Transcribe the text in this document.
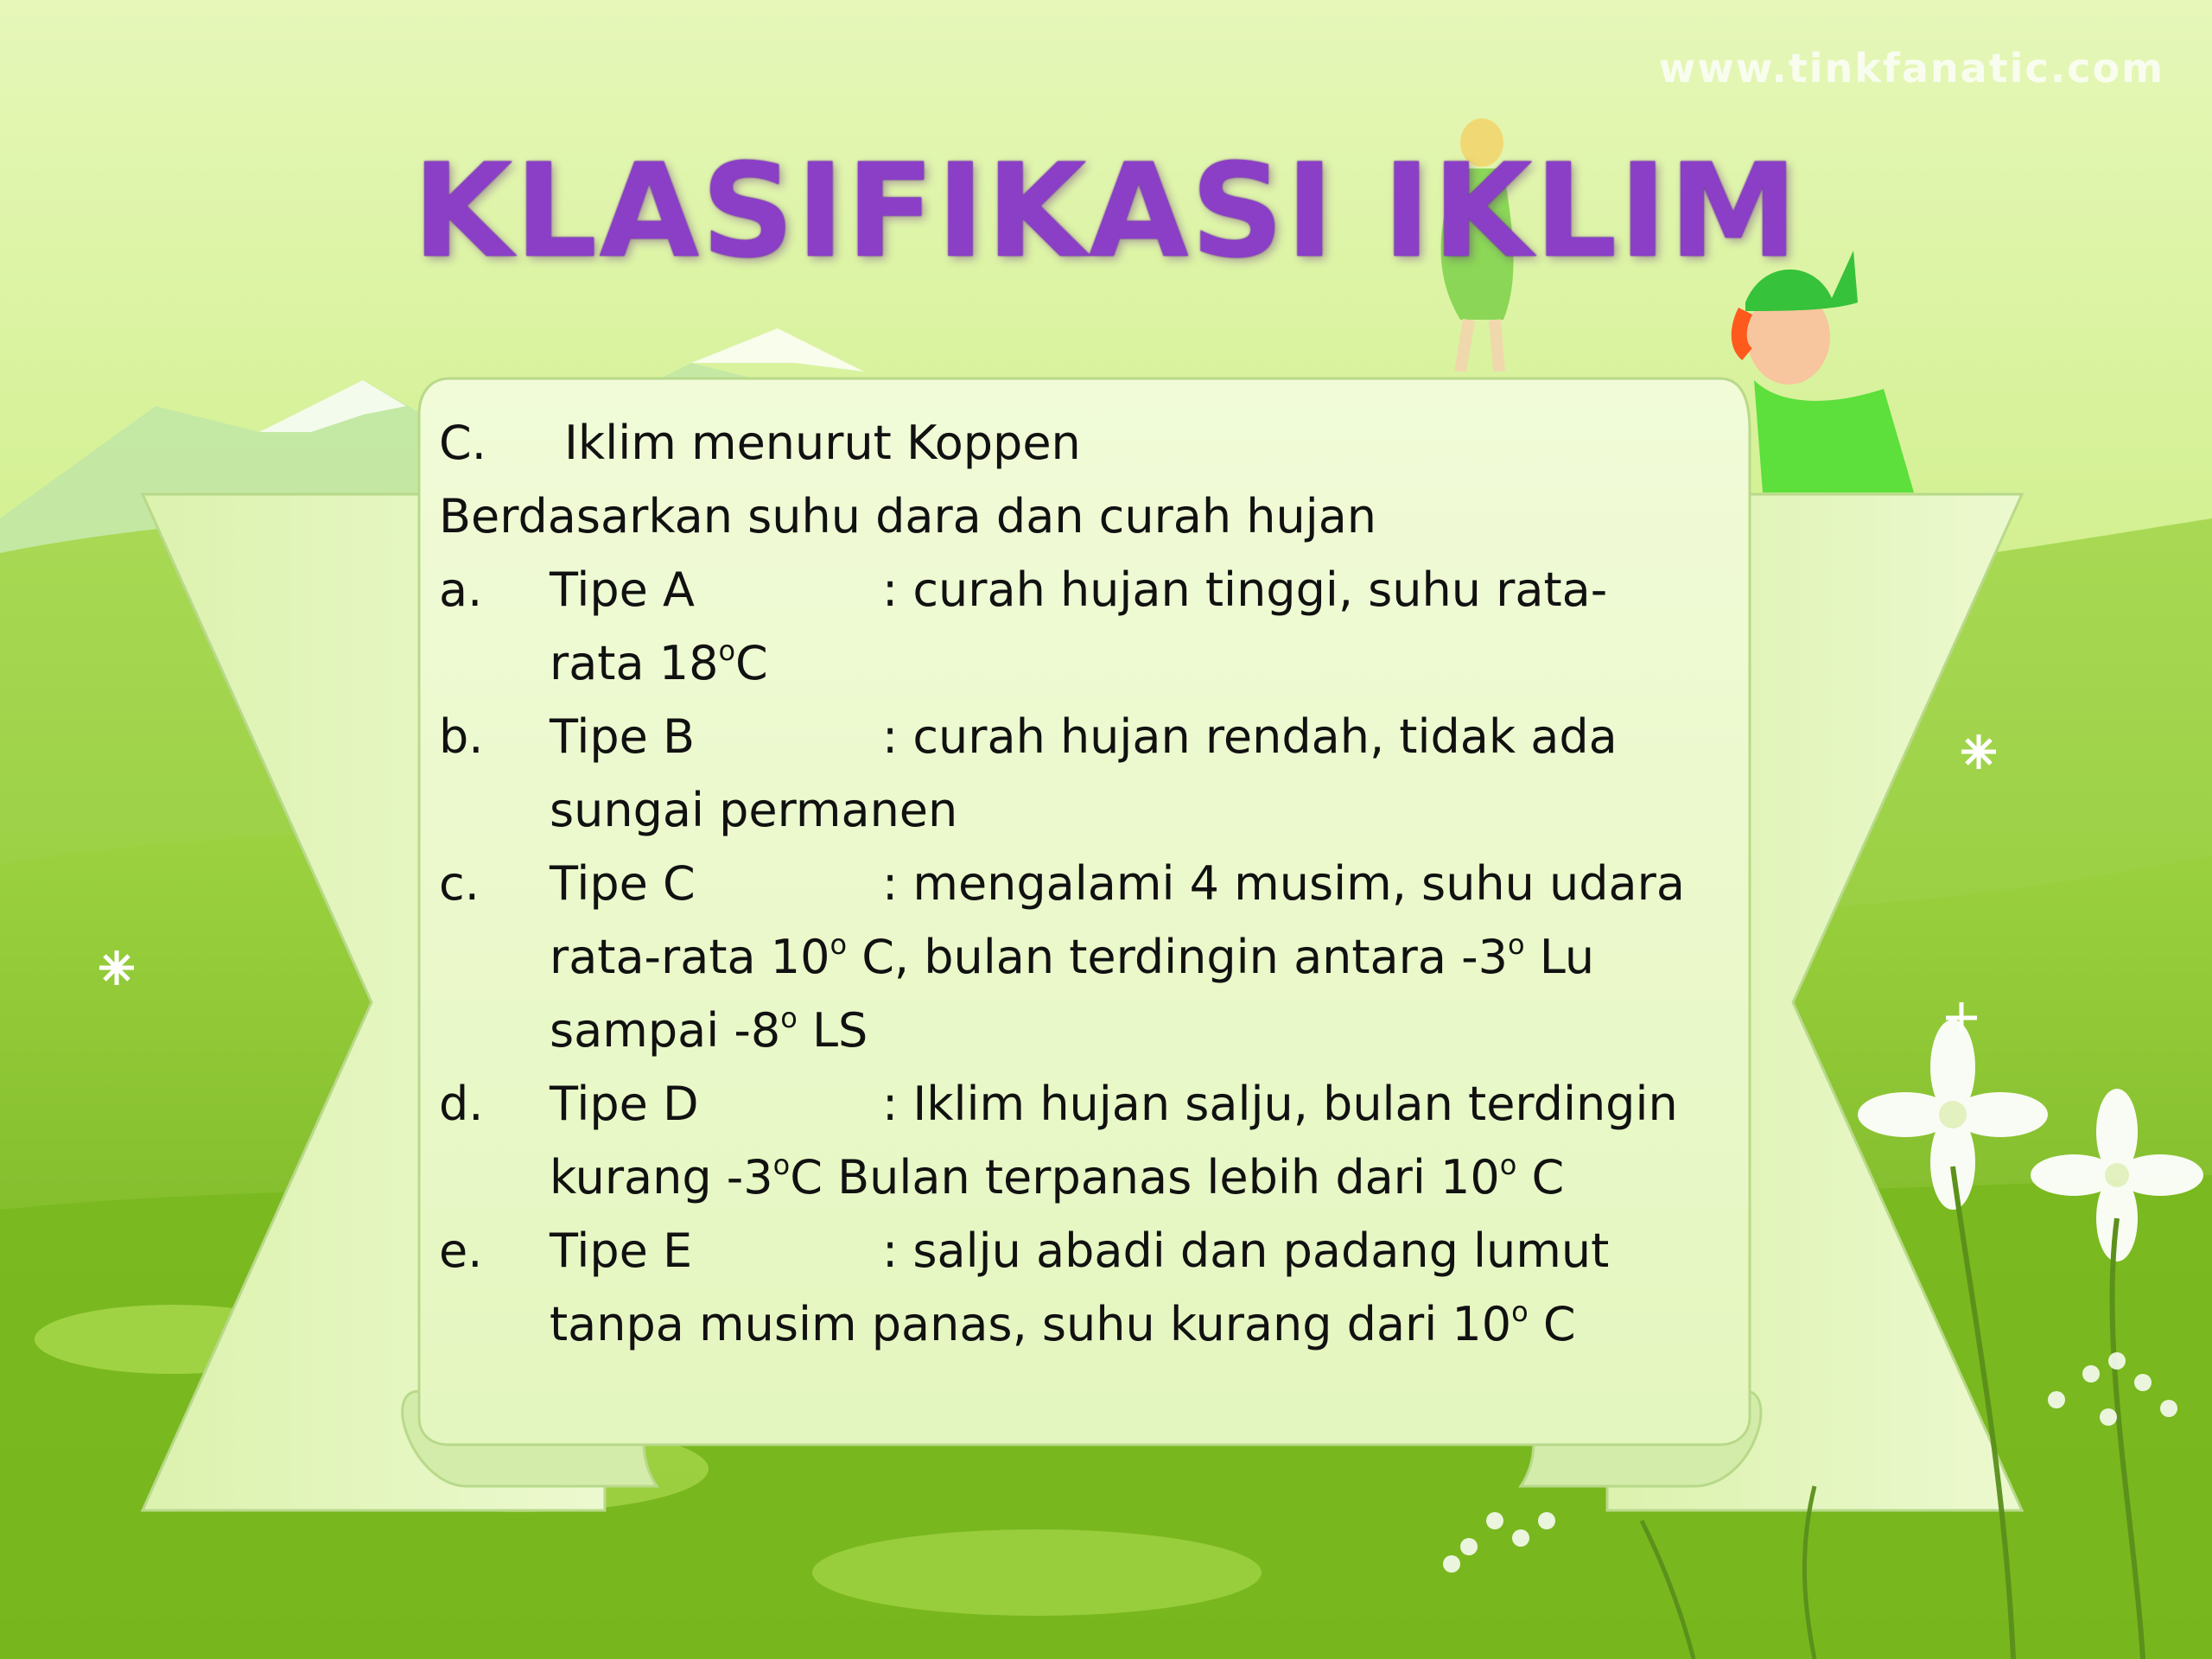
www.tinkfanatic.com
KLASIFIKASI IKLIM
C. Iklim menurut Koppen
Berdasarkan suhu dara dan curah hujan
a. Tipe A	: curah hujan tinggi, suhu rata-
rata 18$^o$C
b. Tipe B	: curah hujan rendah, tidak ada
sungai permanen
c. Tipe C	: mengalami 4 musim, suhu udara
rata-rata 10$^o$ C, bulan terdingin antara -3$^o$ Lu
sampai -8$^o$ LS
d. Tipe D	: Iklim hujan salju, bulan terdingin
kurang -3$^o$C Bulan terpanas lebih dari 10$^o$ C
e. Tipe E	: salju abadi dan padang lumut
tanpa musim panas, suhu kurang dari 10$^o$ C
